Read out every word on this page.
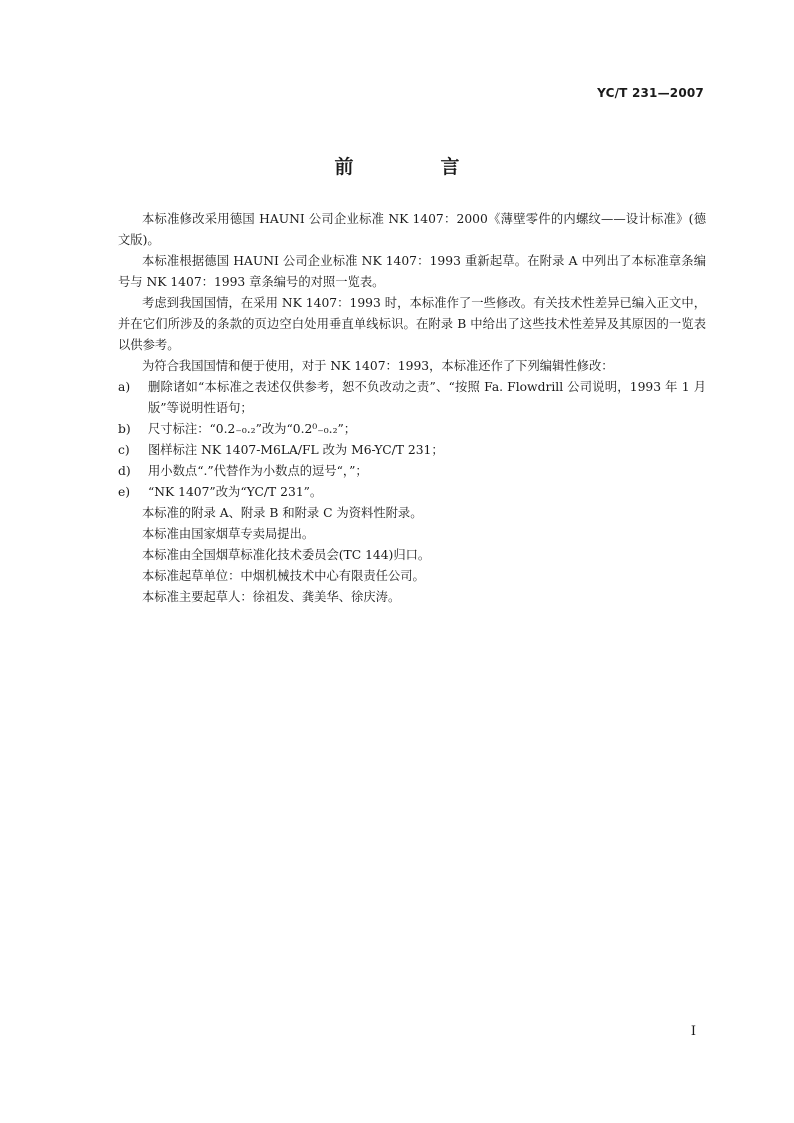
YC/T 231—2007
前　言

本标准修改采用德国 HAUNI 公司企业标准 NK 1407：2000《薄壁零件的内螺纹——设计标准》(德文版)。

本标准根据德国 HAUNI 公司企业标准 NK 1407：1993 重新起草。在附录 A 中列出了本标准章条编号与 NK 1407：1993 章条编号的对照一览表。

考虑到我国国情，在采用 NK 1407：1993 时，本标准作了一些修改。有关技术性差异已编入正文中，并在它们所涉及的条款的页边空白处用垂直单线标识。在附录 B 中给出了这些技术性差异及其原因的一览表以供参考。

为符合我国国情和便于使用，对于 NK 1407：1993，本标准还作了下列编辑性修改：

a)	删除诸如“本标准之表述仅供参考，恕不负改动之责”、“按照 Fa. Flowdrill 公司说明，1993 年 1 月版”等说明性语句；
b)	尺寸标注：“0.2₋₀.₂”改为“0.2⁰₋₀.₂”；
c)	图样标注 NK 1407-M6LA/FL 改为 M6-YC/T 231；
d)	用小数点“.”代替作为小数点的逗号“，”；
e)	“NK 1407”改为“YC/T 231”。

本标准的附录 A、附录 B 和附录 C 为资料性附录。

本标准由国家烟草专卖局提出。

本标准由全国烟草标准化技术委员会(TC 144)归口。

本标准起草单位：中烟机械技术中心有限责任公司。

本标准主要起草人：徐祖发、龚美华、徐庆涛。

I
